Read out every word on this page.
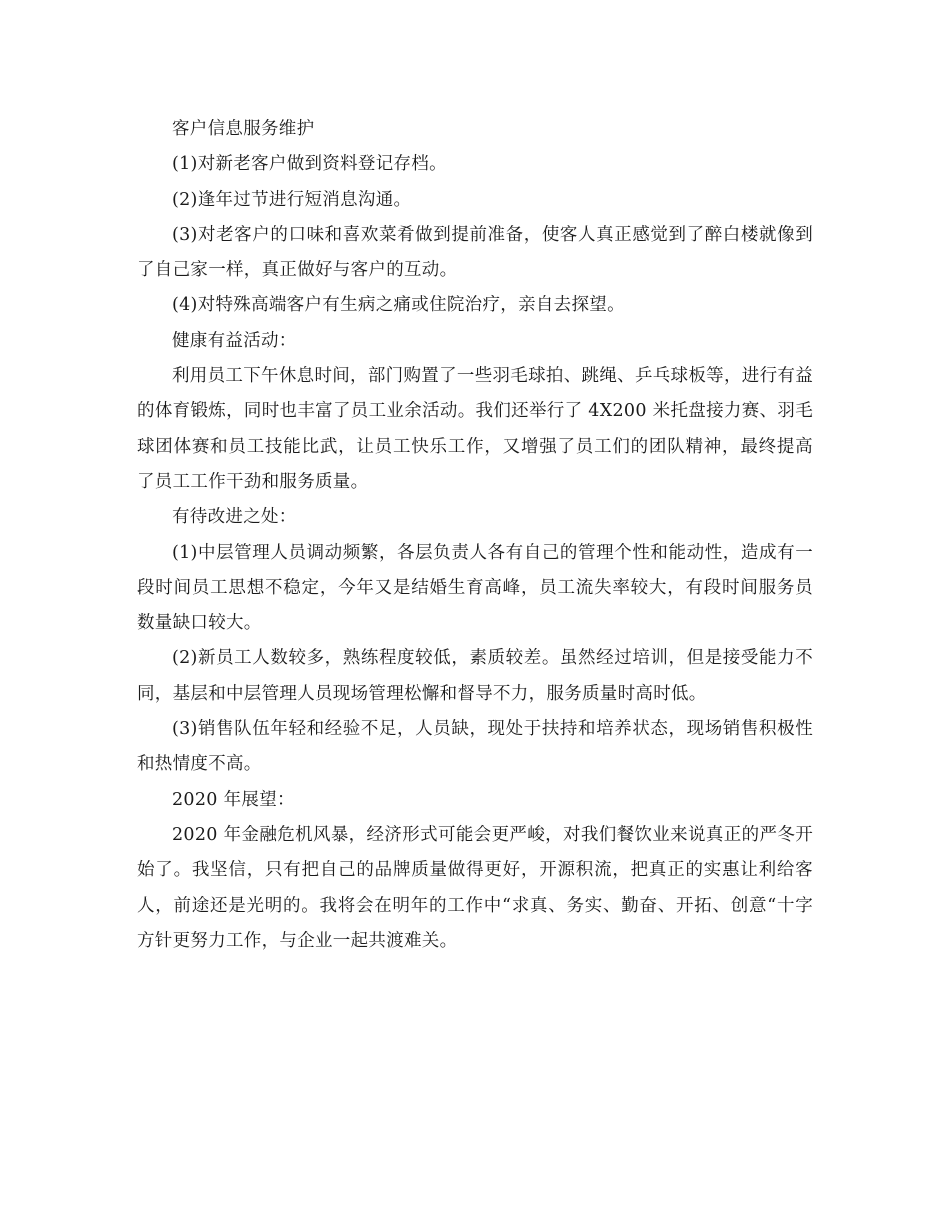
客户信息服务维护

(1)对新老客户做到资料登记存档。

(2)逢年过节进行短消息沟通。

(3)对老客户的口味和喜欢菜肴做到提前准备，使客人真正感觉到了醉白楼就像到了自己家一样，真正做好与客户的互动。

(4)对特殊高端客户有生病之痛或住院治疗，亲自去探望。

健康有益活动：

利用员工下午休息时间，部门购置了一些羽毛球拍、跳绳、乒乓球板等，进行有益的体育锻炼，同时也丰富了员工业余活动。我们还举行了 4X200 米托盘接力赛、羽毛球团体赛和员工技能比武，让员工快乐工作，又增强了员工们的团队精神，最终提高了员工工作干劲和服务质量。

有待改进之处：

(1)中层管理人员调动频繁，各层负责人各有自己的管理个性和能动性，造成有一段时间员工思想不稳定，今年又是结婚生育高峰，员工流失率较大，有段时间服务员数量缺口较大。

(2)新员工人数较多，熟练程度较低，素质较差。虽然经过培训，但是接受能力不同，基层和中层管理人员现场管理松懈和督导不力，服务质量时高时低。

(3)销售队伍年轻和经验不足，人员缺，现处于扶持和培养状态，现场销售积极性和热情度不高。

2020 年展望：

2020 年金融危机风暴，经济形式可能会更严峻，对我们餐饮业来说真正的严冬开始了。我坚信，只有把自己的品牌质量做得更好，开源积流，把真正的实惠让利给客人，前途还是光明的。我将会在明年的工作中“求真、务实、勤奋、开拓、创意“十字方针更努力工作，与企业一起共渡难关。
